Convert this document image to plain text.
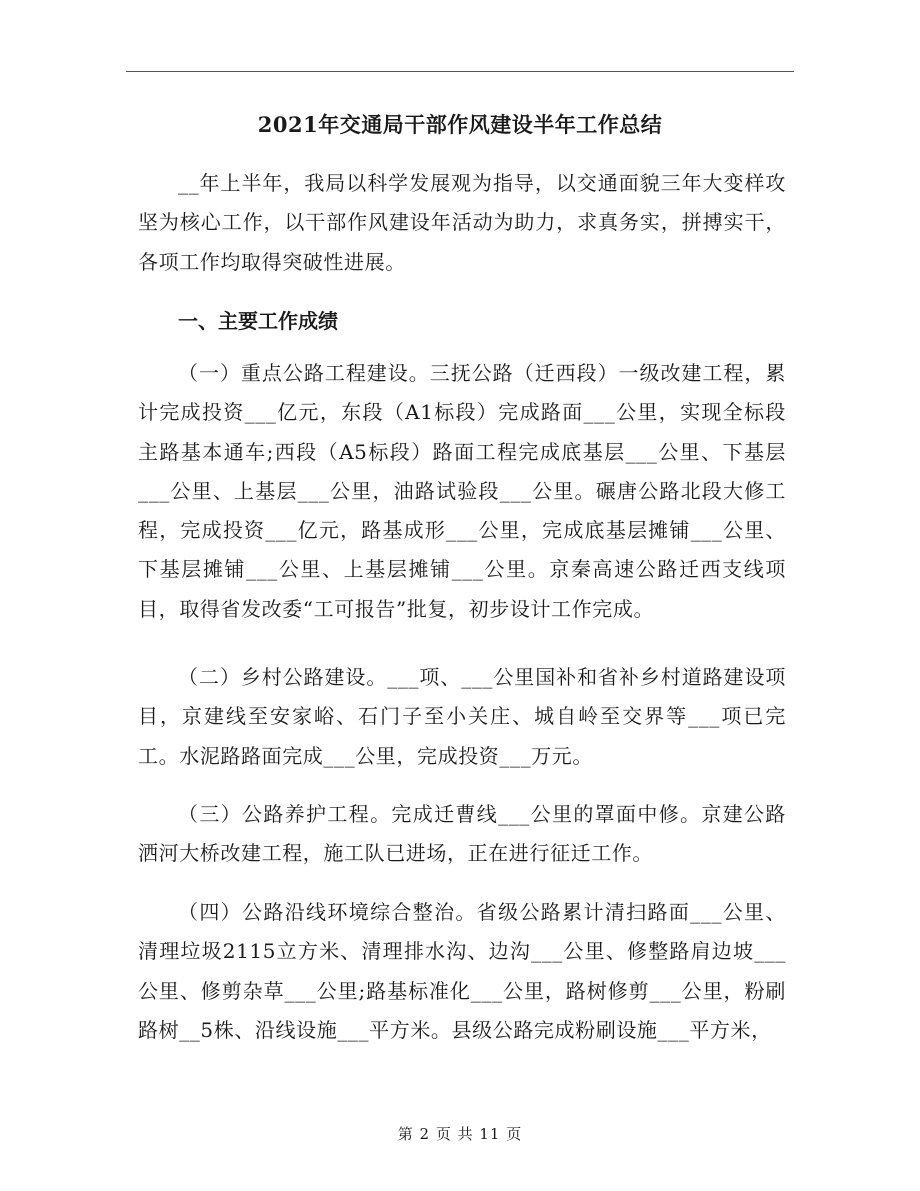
2021年交通局干部作风建设半年工作总结

__年上半年，我局以科学发展观为指导，以交通面貌三年大变样攻坚为核心工作，以干部作风建设年活动为助力，求真务实，拼搏实干，各项工作均取得突破性进展。

一、主要工作成绩

（一）重点公路工程建设。三抚公路（迁西段）一级改建工程，累计完成投资___亿元，东段（A1标段）完成路面___公里，实现全标段主路基本通车;西段（A5标段）路面工程完成底基层___公里、下基层___公里、上基层___公里，油路试验段___公里。碾唐公路北段大修工程，完成投资___亿元，路基成形___公里，完成底基层摊铺___公里、下基层摊铺___公里、上基层摊铺___公里。京秦高速公路迁西支线项目，取得省发改委“工可报告”批复，初步设计工作完成。

（二）乡村公路建设。___项、___公里国补和省补乡村道路建设项目，京建线至安家峪、石门子至小关庄、城自岭至交界等___项已完工。水泥路路面完成___公里，完成投资___万元。

（三）公路养护工程。完成迁曹线___公里的罩面中修。京建公路洒河大桥改建工程，施工队已进场，正在进行征迁工作。

（四）公路沿线环境综合整治。省级公路累计清扫路面___公里、清理垃圾2115立方米、清理排水沟、边沟___公里、修整路肩边坡___公里、修剪杂草___公里;路基标准化___公里，路树修剪___公里，粉刷路树__5株、沿线设施___平方米。县级公路完成粉刷设施___平方米，

第 2 页 共 11 页
